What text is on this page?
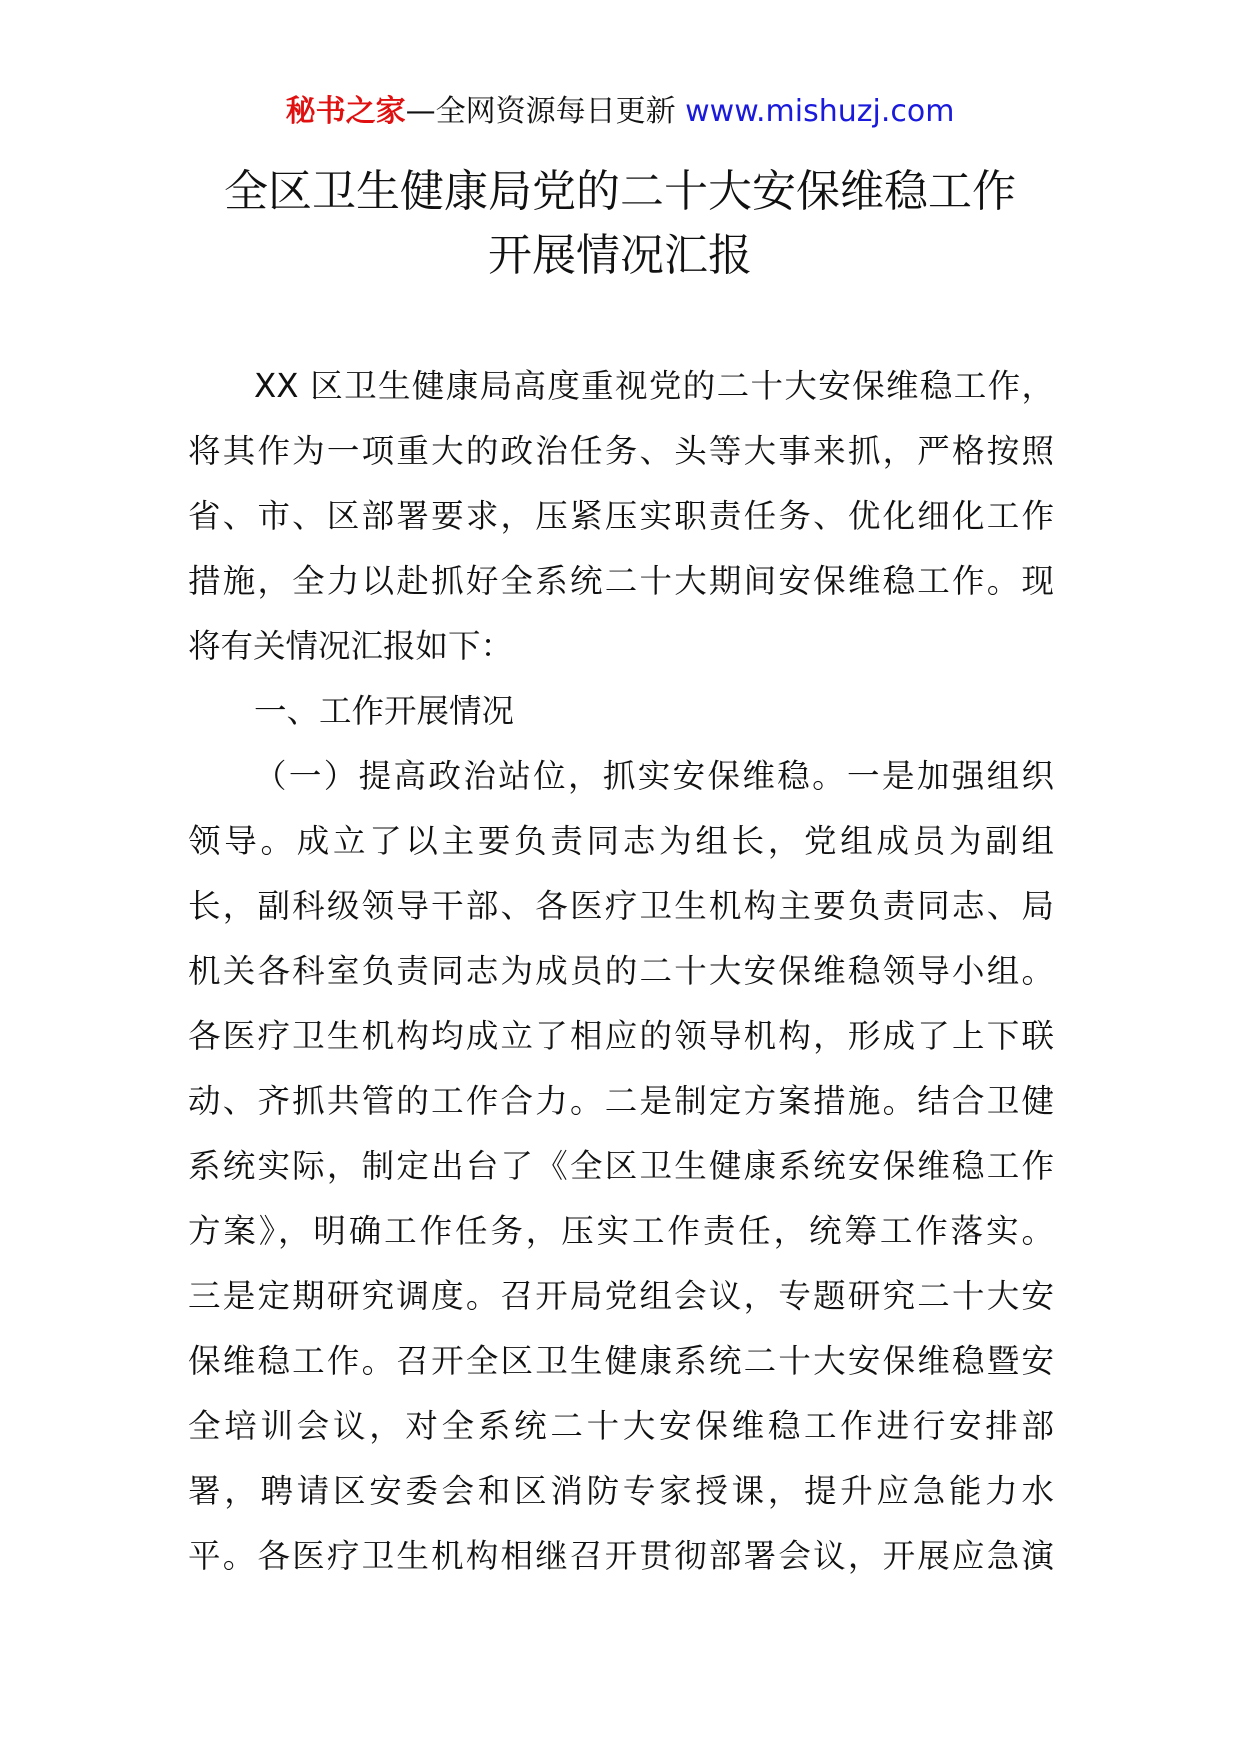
秘书之家—全网资源每日更新 www.mishuzj.com
全区卫生健康局党的二十大安保维稳工作
开展情况汇报
XX 区卫生健康局高度重视党的二十大安保维稳工作，
将其作为一项重大的政治任务、头等大事来抓，严格按照
省、市、区部署要求，压紧压实职责任务、优化细化工作
措施，全力以赴抓好全系统二十大期间安保维稳工作。现
将有关情况汇报如下：
一、工作开展情况
（一）提高政治站位，抓实安保维稳。一是加强组织
领导。成立了以主要负责同志为组长，党组成员为副组
长，副科级领导干部、各医疗卫生机构主要负责同志、局
机关各科室负责同志为成员的二十大安保维稳领导小组。
各医疗卫生机构均成立了相应的领导机构，形成了上下联
动、齐抓共管的工作合力。二是制定方案措施。结合卫健
系统实际，制定出台了《全区卫生健康系统安保维稳工作
方案》，明确工作任务，压实工作责任，统筹工作落实。
三是定期研究调度。召开局党组会议，专题研究二十大安
保维稳工作。召开全区卫生健康系统二十大安保维稳暨安
全培训会议，对全系统二十大安保维稳工作进行安排部
署，聘请区安委会和区消防专家授课，提升应急能力水
平。各医疗卫生机构相继召开贯彻部署会议，开展应急演
